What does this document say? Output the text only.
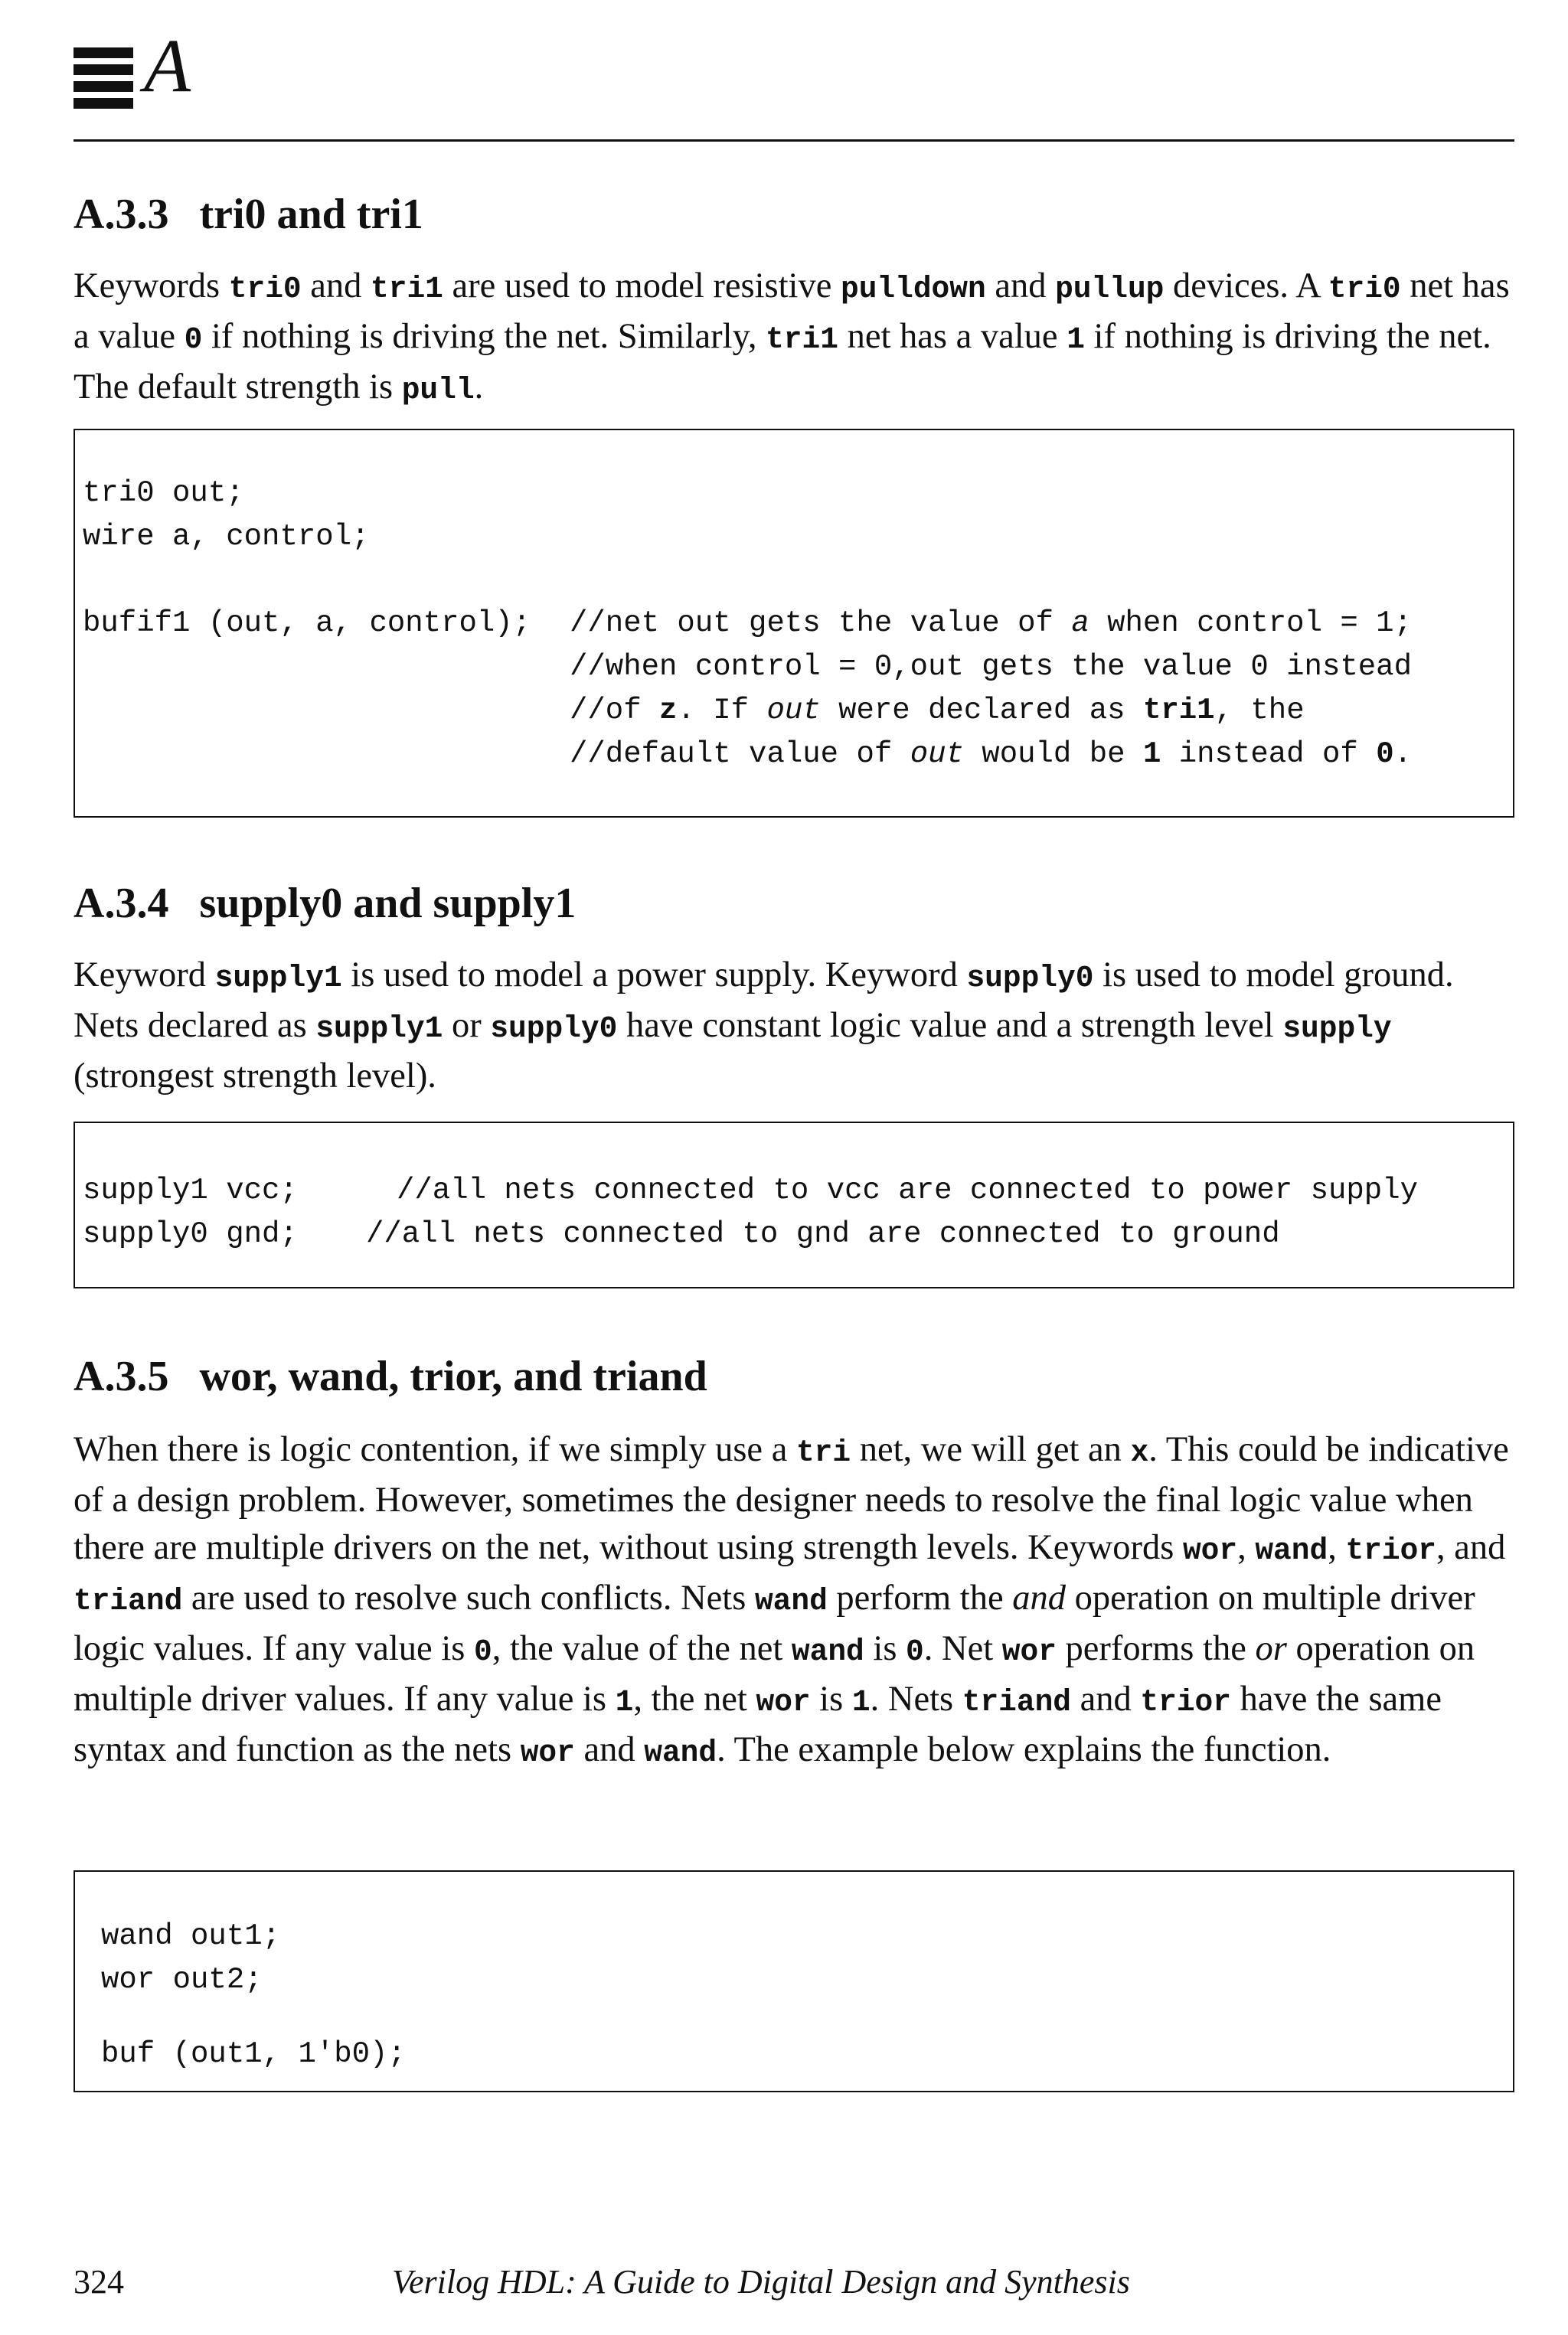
A
A.3.3 tri0 and tri1
Keywords tri0 and tri1 are used to model resistive pulldown and pullup devices. A tri0 net has a value 0 if nothing is driving the net. Similarly, tri1 net has a value 1 if nothing is driving the net. The default strength is pull.
tri0 out;
wire a, control;
bufif1 (out, a, control); //net out gets the value of a when control = 1;
//when control = 0,out gets the value 0 instead
//of z. If out were declared as tri1, the
//default value of out would be 1 instead of 0.
A.3.4 supply0 and supply1
Keyword supply1 is used to model a power supply. Keyword supply0 is used to model ground. Nets declared as supply1 or supply0 have constant logic value and a strength level supply (strongest strength level).
supply1 vcc;	//all nets connected to vcc are connected to power supply
supply0 gnd; //all nets connected to gnd are connected to ground
A.3.5 wor, wand, trior, and triand
When there is logic contention, if we simply use a tri net, we will get an x. This could be indicative of a design problem. However, sometimes the designer needs to resolve the final logic value when there are multiple drivers on the net, without using strength levels. Keywords wor, wand, trior, and triand are used to resolve such conflicts. Nets wand perform the and operation on multiple driver logic values. If any value is 0, the value of the net wand is 0. Net wor performs the or operation on multiple driver values. If any value is 1, the net wor is 1. Nets triand and trior have the same syntax and function as the nets wor and wand. The example below explains the function.
wand out1;
wor out2;
buf (out1, 1'b0);
324	Verilog HDL: A Guide to Digital Design and Synthesis
